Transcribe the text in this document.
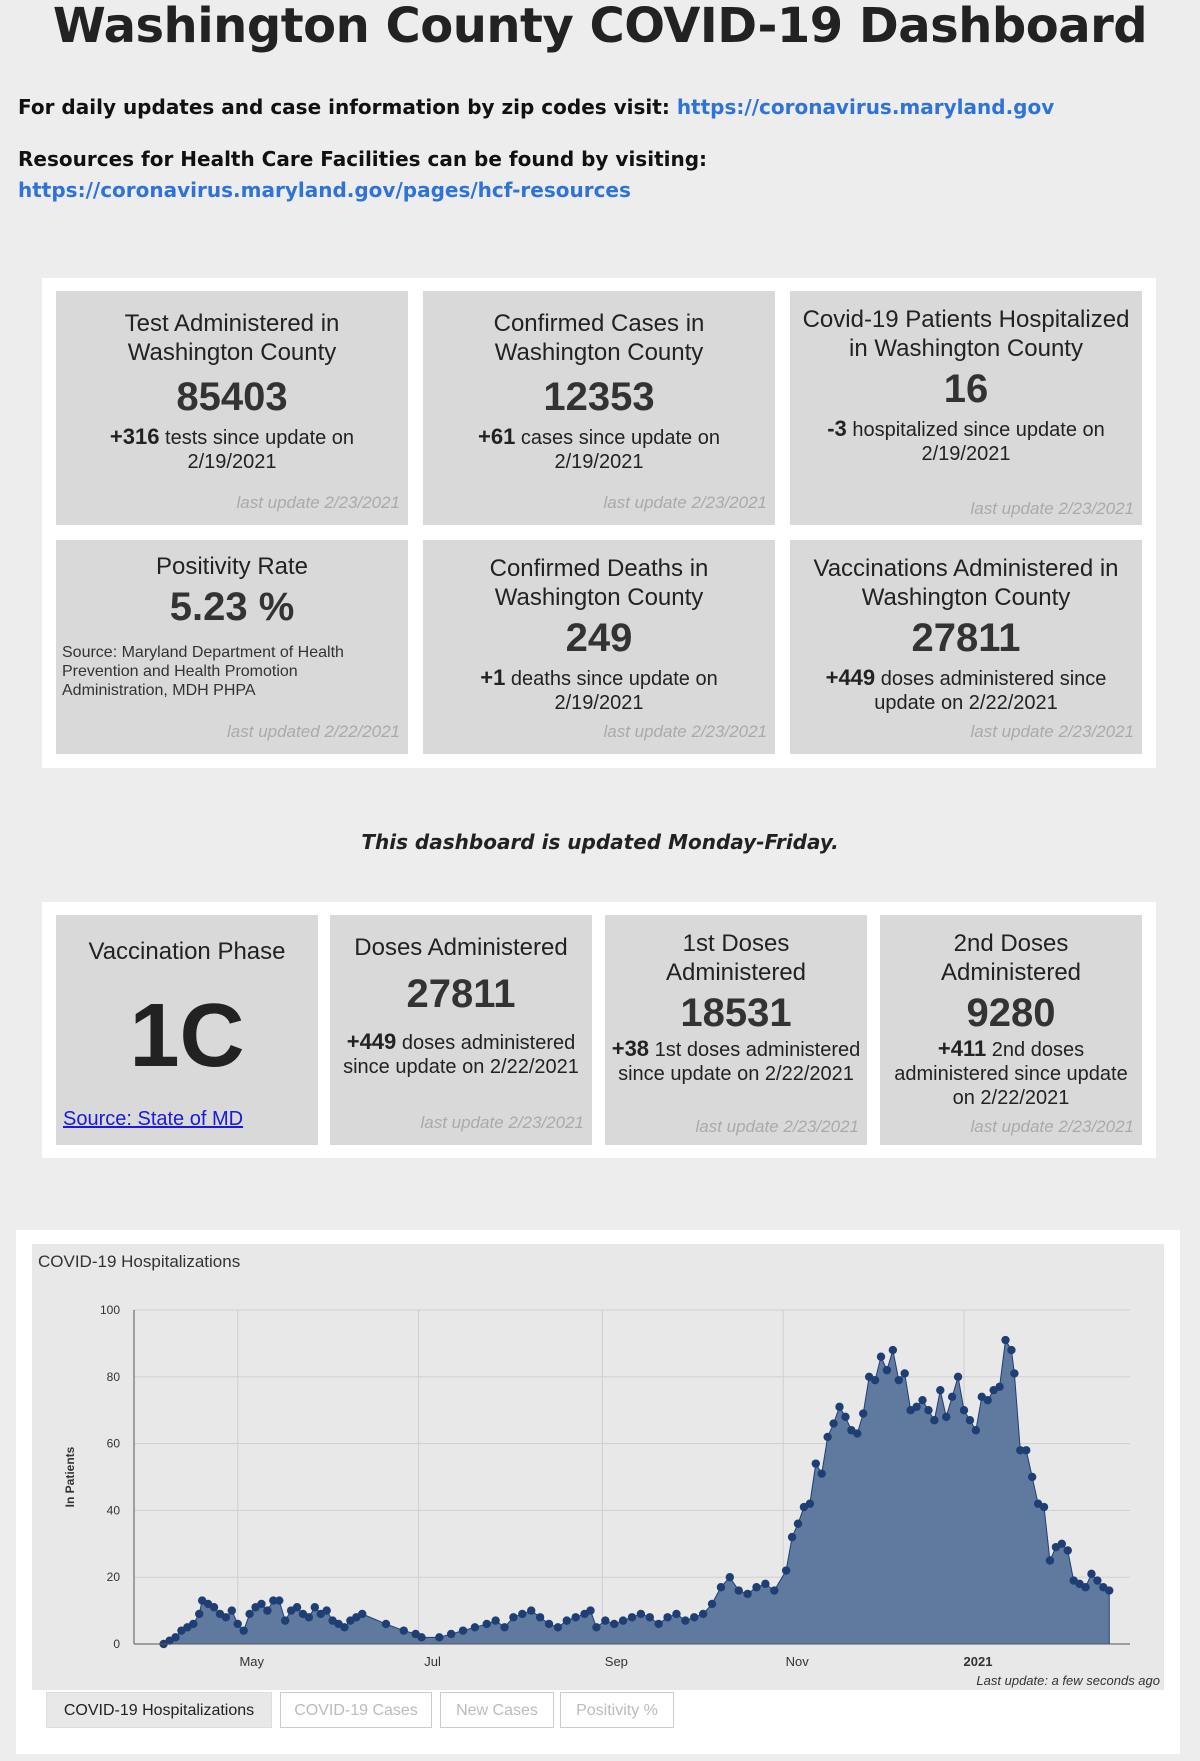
Washington County COVID-19 Dashboard
For daily updates and case information by zip codes visit: https://coronavirus.maryland.gov
Resources for Health Care Facilities can be found by visiting: https://coronavirus.maryland.gov/pages/hcf-resources
Test Administered in Washington County
85403
+316 tests since update on 2/19/2021
last update 2/23/2021
Confirmed Cases in Washington County
12353
+61 cases since update on 2/19/2021
last update 2/23/2021
Covid-19 Patients Hospitalized in Washington County
16
-3 hospitalized since update on 2/19/2021
last update 2/23/2021
Positivity Rate
5.23 %
Source: Maryland Department of Health Prevention and Health Promotion Administration, MDH PHPA
last updated 2/22/2021
Confirmed Deaths in Washington County
249
+1 deaths since update on 2/19/2021
last update 2/23/2021
Vaccinations Administered in Washington County
27811
+449 doses administered since update on 2/22/2021
last update 2/23/2021
This dashboard is updated Monday-Friday.
Vaccination Phase
1C
Source: State of MD
Doses Administered
27811
+449 doses administered since update on 2/22/2021
last update 2/23/2021
1st Doses Administered
18531
+38 1st doses administered since update on 2/22/2021
last update 2/23/2021
2nd Doses Administered
9280
+411 2nd doses administered since update on 2/22/2021
last update 2/23/2021
COVID-19 Hospitalizations
0
20
40
60
80
100
May	Jul	Sep	Nov	2021
In Patients
Last update: a few seconds ago
COVID-19 Hospitalizations	COVID-19 Cases	New Cases	Positivity %
